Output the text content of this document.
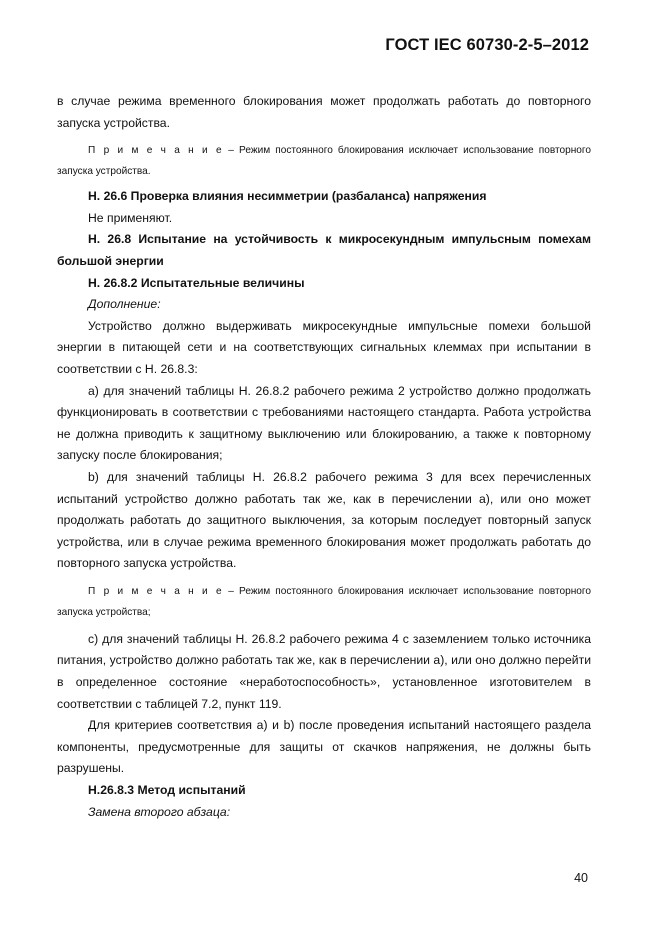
ГОСТ IEC 60730-2-5–2012

в случае режима временного блокирования может продолжать работать до повторного запуска устройства.

П р и м е ч а н и е – Режим постоянного блокирования исключает использование повторного запуска устройства.

Н. 26.6 Проверка влияния несимметрии (разбаланса) напряжения

Не применяют.

Н. 26.8 Испытание на устойчивость к микросекундным импульсным помехам большой энергии

Н. 26.8.2 Испытательные величины

Дополнение:

Устройство должно выдерживать микросекундные импульсные помехи большой энергии в питающей сети и на соответствующих сигнальных клеммах при испытании в соответствии с Н. 26.8.3:

а) для значений таблицы Н. 26.8.2 рабочего режима 2 устройство должно продолжать функционировать в соответствии с требованиями настоящего стандарта. Работа устройства не должна приводить к защитному выключению или блокированию, а также к повторному запуску после блокирования;

b) для значений таблицы Н. 26.8.2 рабочего режима 3 для всех перечисленных испытаний устройство должно работать так же, как в перечислении а), или оно может продолжать работать до защитного выключения, за которым последует повторный запуск устройства, или в случае режима временного блокирования может продолжать работать до повторного запуска устройства.

П р и м е ч а н и е – Режим постоянного блокирования исключает использование повторного запуска устройства;

с) для значений таблицы Н. 26.8.2 рабочего режима 4 с заземлением только источника питания, устройство должно работать так же, как в перечислении а), или оно должно перейти в определенное состояние «неработоспособность», установленное изготовителем в соответствии с таблицей 7.2, пункт 119.

Для критериев соответствия а) и b) после проведения испытаний настоящего раздела компоненты, предусмотренные для защиты от скачков напряжения, не должны быть разрушены.

Н.26.8.3 Метод испытаний

Замена второго абзаца:

40
